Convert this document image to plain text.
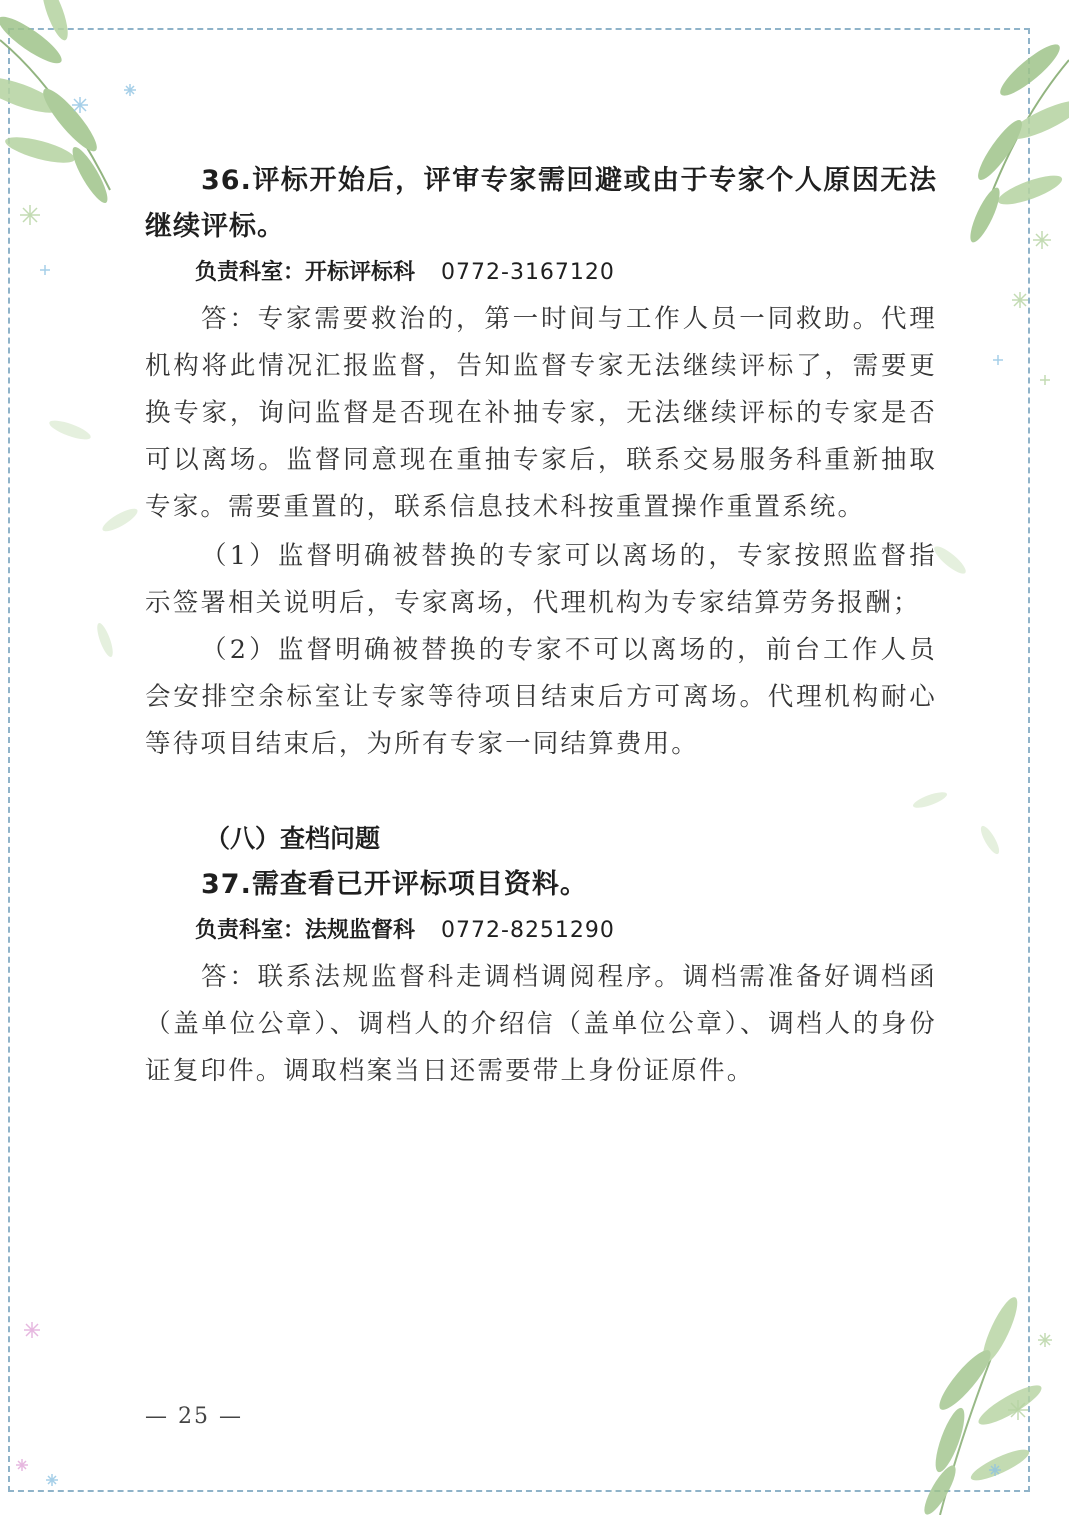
36.评标开始后，评审专家需回避或由于专家个人原因无法继续评标。

负责科室：开标评标科 0772-3167120

答：专家需要救治的，第一时间与工作人员一同救助。代理机构将此情况汇报监督，告知监督专家无法继续评标了，需要更换专家，询问监督是否现在补抽专家，无法继续评标的专家是否可以离场。监督同意现在重抽专家后，联系交易服务科重新抽取专家。需要重置的，联系信息技术科按重置操作重置系统。

（1）监督明确被替换的专家可以离场的，专家按照监督指示签署相关说明后，专家离场，代理机构为专家结算劳务报酬；

（2）监督明确被替换的专家不可以离场的，前台工作人员会安排空余标室让专家等待项目结束后方可离场。代理机构耐心等待项目结束后，为所有专家一同结算费用。

（八）查档问题

37.需查看已开评标项目资料。

负责科室：法规监督科 0772-8251290

答：联系法规监督科走调档调阅程序。调档需准备好调档函（盖单位公章）、调档人的介绍信（盖单位公章）、调档人的身份证复印件。调取档案当日还需要带上身份证原件。

— 25 —
